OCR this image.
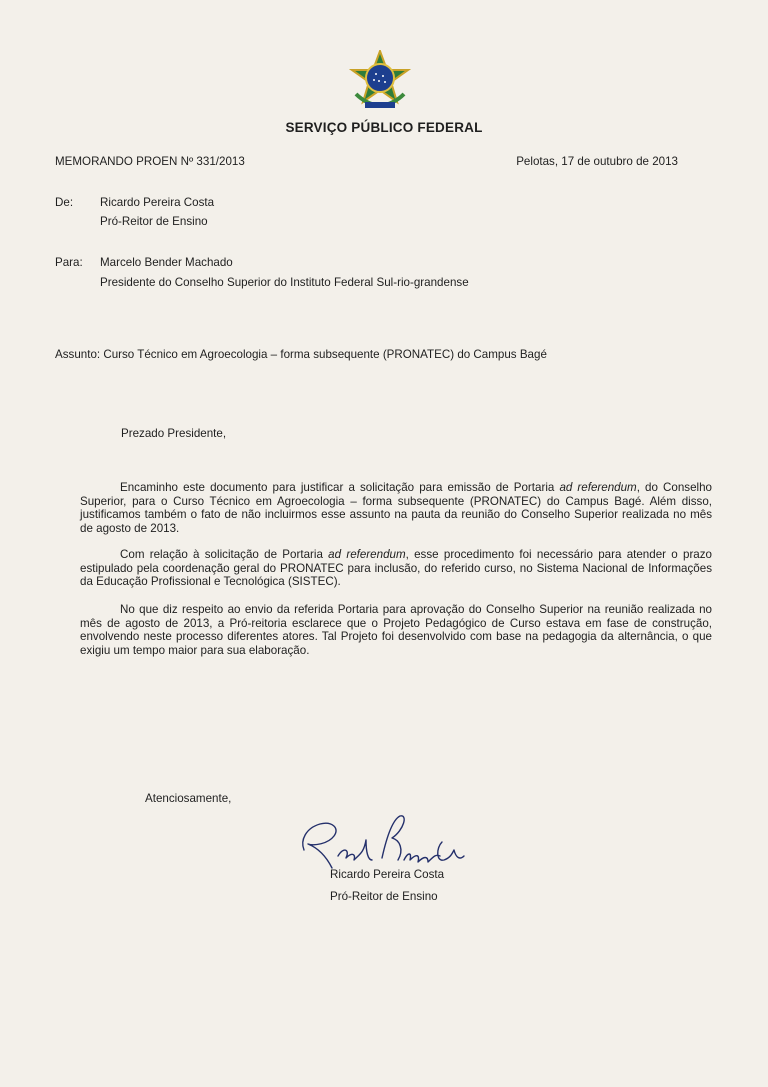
SERVIÇO PÚBLICO FEDERAL
MEMORANDO PROEN Nº 331/2013	Pelotas, 17 de outubro de 2013
De: Ricardo Pereira Costa
Pró-Reitor de Ensino
Para: Marcelo Bender Machado
Presidente do Conselho Superior do Instituto Federal Sul-rio-grandense
Assunto: Curso Técnico em Agroecologia – forma subsequente (PRONATEC) do Campus Bagé
Prezado Presidente,

Encaminho este documento para justificar a solicitação para emissão de Portaria ad referendum, do Conselho Superior, para o Curso Técnico em Agroecologia – forma subsequente (PRONATEC) do Campus Bagé. Além disso, justificamos também o fato de não incluirmos esse assunto na pauta da reunião do Conselho Superior realizada no mês de agosto de 2013.

Com relação à solicitação de Portaria ad referendum, esse procedimento foi necessário para atender o prazo estipulado pela coordenação geral do PRONATEC para inclusão, do referido curso, no Sistema Nacional de Informações da Educação Profissional e Tecnológica (SISTEC).

No que diz respeito ao envio da referida Portaria para aprovação do Conselho Superior na reunião realizada no mês de agosto de 2013, a Pró-reitoria esclarece que o Projeto Pedagógico de Curso estava em fase de construção, envolvendo neste processo diferentes atores. Tal Projeto foi desenvolvido com base na pedagogia da alternância, o que exigiu um tempo maior para sua elaboração.

Atenciosamente,
Ricardo Pereira Costa
Pró-Reitor de Ensino
